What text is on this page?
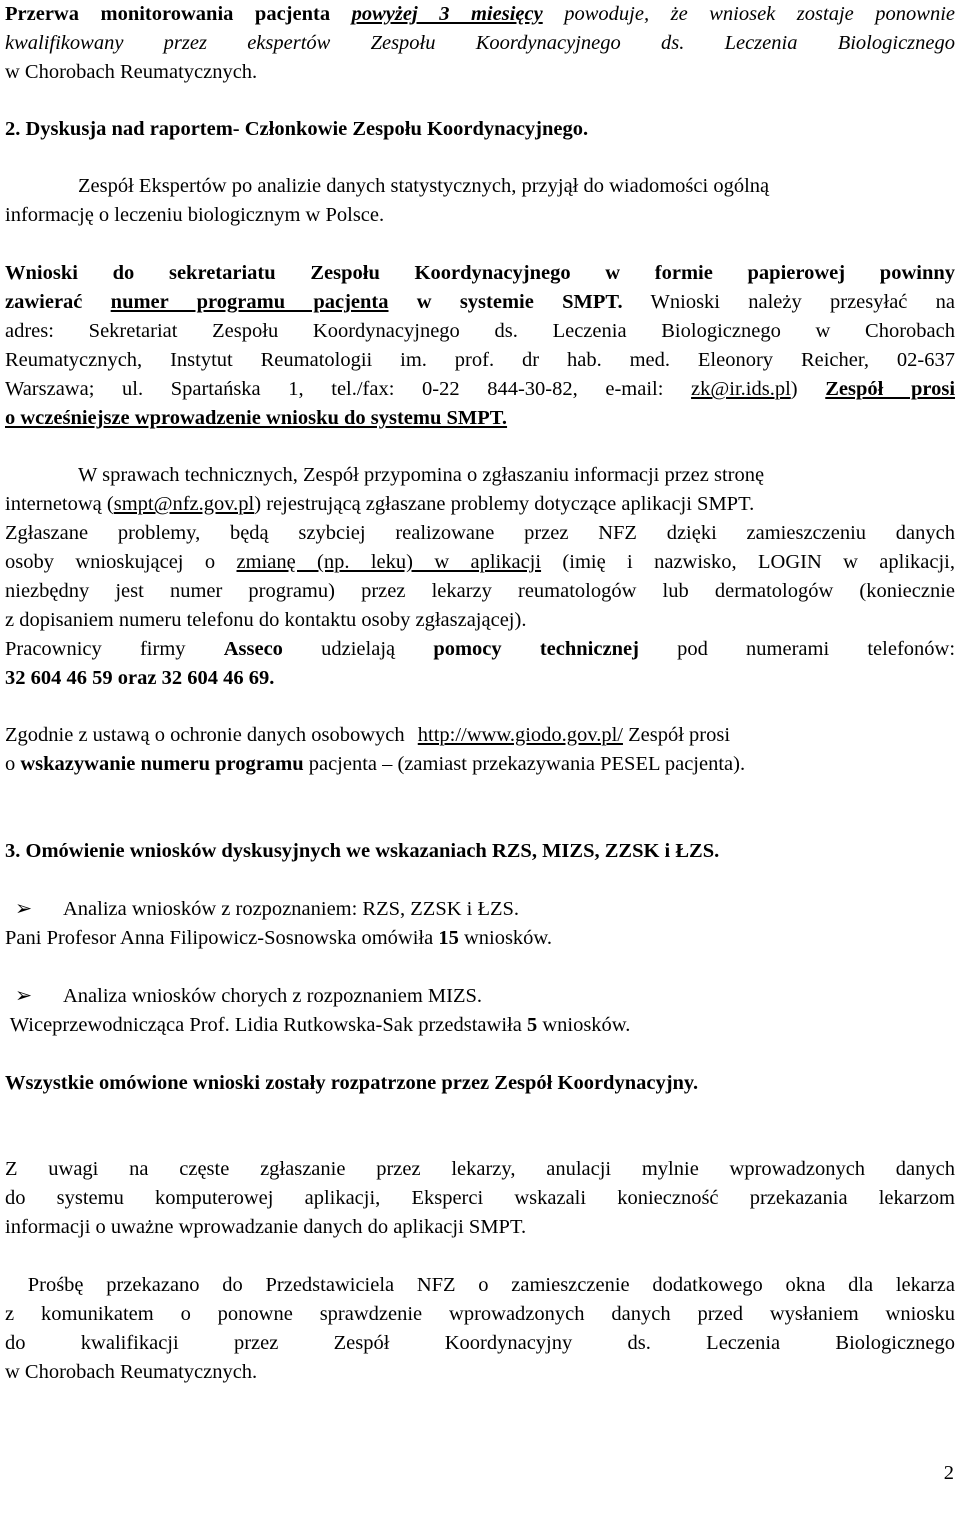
Przerwa monitorowania pacjenta powyżej 3 miesięcy powoduje, że wniosek zostaje ponownie
kwalifikowany przez ekspertów Zespołu Koordynacyjnego ds. Leczenia Biologicznego
w Chorobach Reumatycznych.
2. Dyskusja nad raportem- Członkowie Zespołu Koordynacyjnego.
Zespół Ekspertów po analizie danych statystycznych, przyjął do wiadomości ogólną
informację o leczeniu biologicznym w Polsce.
Wnioski do sekretariatu Zespołu Koordynacyjnego w formie papierowej powinny
zawierać numer programu pacjenta w systemie SMPT. Wnioski należy przesyłać na
adres: Sekretariat Zespołu Koordynacyjnego ds. Leczenia Biologicznego w Chorobach
Reumatycznych, Instytut Reumatologii im. prof. dr hab. med. Eleonory Reicher, 02-637
Warszawa; ul. Spartańska 1, tel./fax: 0-22 844-30-82, e-mail: zk@ir.ids.pl) Zespół prosi
o wcześniejsze wprowadzenie wniosku do systemu SMPT.
W sprawach technicznych, Zespół przypomina o zgłaszaniu informacji przez stronę
internetową (smpt@nfz.gov.pl) rejestrującą zgłaszane problemy dotyczące aplikacji SMPT.
Zgłaszane problemy, będą szybciej realizowane przez NFZ dzięki zamieszczeniu danych
osoby wnioskującej o zmianę (np. leku) w aplikacji (imię i nazwisko, LOGIN w aplikacji,
niezbędny jest numer programu) przez lekarzy reumatologów lub dermatologów (koniecznie
z dopisaniem numeru telefonu do kontaktu osoby zgłaszającej).
Pracownicy firmy Asseco udzielają pomocy technicznej pod numerami telefonów:
32 604 46 59 oraz 32 604 46 69.
Zgodnie z ustawą o ochronie danych osobowych http://www.giodo.gov.pl/ Zespół prosi
o wskazywanie numeru programu pacjenta – (zamiast przekazywania PESEL pacjenta).
3. Omówienie wniosków dyskusyjnych we wskazaniach RZS, MIZS, ZZSK i ŁZS.
➢ Analiza wniosków z rozpoznaniem: RZS, ZZSK i ŁZS.
Pani Profesor Anna Filipowicz-Sosnowska omówiła 15 wniosków.
➢ Analiza wniosków chorych z rozpoznaniem MIZS.
Wiceprzewodnicząca Prof. Lidia Rutkowska-Sak przedstawiła 5 wniosków.
Wszystkie omówione wnioski zostały rozpatrzone przez Zespół Koordynacyjny.
Z uwagi na częste zgłaszanie przez lekarzy, anulacji mylnie wprowadzonych danych
do systemu komputerowej aplikacji, Eksperci wskazali konieczność przekazania lekarzom
informacji o uważne wprowadzanie danych do aplikacji SMPT.
Prośbę przekazano do Przedstawiciela NFZ o zamieszczenie dodatkowego okna dla lekarza
z komunikatem o ponowne sprawdzenie wprowadzonych danych przed wysłaniem wniosku
do kwalifikacji przez Zespół Koordynacyjny ds. Leczenia Biologicznego
w Chorobach Reumatycznych.
2
